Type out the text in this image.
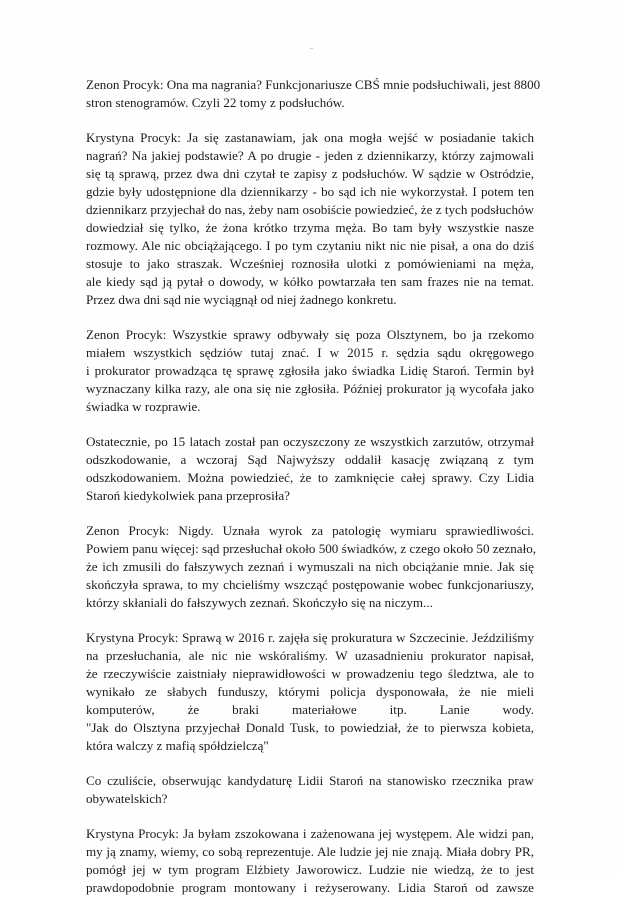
Zenon Procyk: Ona ma nagrania? Funkcjonariusze CBŚ mnie podsłuchiwali, jest 8800
stron stenogramów. Czyli 22 tomy z podsłuchów.
Krystyna Procyk: Ja się zastanawiam, jak ona mogła wejść w posiadanie takich
nagrań? Na jakiej podstawie? A po drugie - jeden z dziennikarzy, którzy zajmowali
się tą sprawą, przez dwa dni czytał te zapisy z podsłuchów. W sądzie w Ostródzie,
gdzie były udostępnione dla dziennikarzy - bo sąd ich nie wykorzystał. I potem ten
dziennikarz przyjechał do nas, żeby nam osobiście powiedzieć, że z tych podsłuchów
dowiedział się tylko, że żona krótko trzyma męża. Bo tam były wszystkie nasze
rozmowy. Ale nic obciążającego. I po tym czytaniu nikt nic nie pisał, a ona do dziś
stosuje to jako straszak. Wcześniej roznosiła ulotki z pomówieniami na męża,
ale kiedy sąd ją pytał o dowody, w kółko powtarzała ten sam frazes nie na temat.
Przez dwa dni sąd nie wyciągnął od niej żadnego konkretu.
Zenon Procyk: Wszystkie sprawy odbywały się poza Olsztynem, bo ja rzekomo
miałem wszystkich sędziów tutaj znać. I w 2015 r. sędzia sądu okręgowego
i prokurator prowadząca tę sprawę zgłosiła jako świadka Lidię Staroń. Termin był
wyznaczany kilka razy, ale ona się nie zgłosiła. Później prokurator ją wycofała jako
świadka w rozprawie.
Ostatecznie, po 15 latach został pan oczyszczony ze wszystkich zarzutów, otrzymał
odszkodowanie, a wczoraj Sąd Najwyższy oddalił kasację związaną z tym
odszkodowaniem. Można powiedzieć, że to zamknięcie całej sprawy. Czy Lidia
Staroń kiedykolwiek pana przeprosiła?
Zenon Procyk: Nigdy. Uznała wyrok za patologię wymiaru sprawiedliwości.
Powiem panu więcej: sąd przesłuchał około 500 świadków, z czego około 50 zeznało,
że ich zmusili do fałszywych zeznań i wymuszali na nich obciążanie mnie. Jak się
skończyła sprawa, to my chcieliśmy wszcząć postępowanie wobec funkcjonariuszy,
którzy skłaniali do fałszywych zeznań. Skończyło się na niczym...
Krystyna Procyk: Sprawą w 2016 r. zajęła się prokuratura w Szczecinie. Jeździliśmy
na przesłuchania, ale nic nie wskóraliśmy. W uzasadnieniu prokurator napisał,
że rzeczywiście zaistniały nieprawidłowości w prowadzeniu tego śledztwa, ale to
wynikało ze słabych funduszy, którymi policja dysponowała, że nie mieli
komputerów, że braki materiałowe itp. Lanie wody.
"Jak do Olsztyna przyjechał Donald Tusk, to powiedział, że to pierwsza kobieta,
która walczy z mafią spółdzielczą"
Co czuliście, obserwując kandydaturę Lidii Staroń na stanowisko rzecznika praw
obywatelskich?
Krystyna Procyk: Ja byłam zszokowana i zażenowana jej występem. Ale widzi pan,
my ją znamy, wiemy, co sobą reprezentuje. Ale ludzie jej nie znają. Miała dobry PR,
pomógł jej w tym program Elżbiety Jaworowicz. Ludzie nie wiedzą, że to jest
prawdopodobnie program montowany i reżyserowany. Lidia Staroń od zawsze
